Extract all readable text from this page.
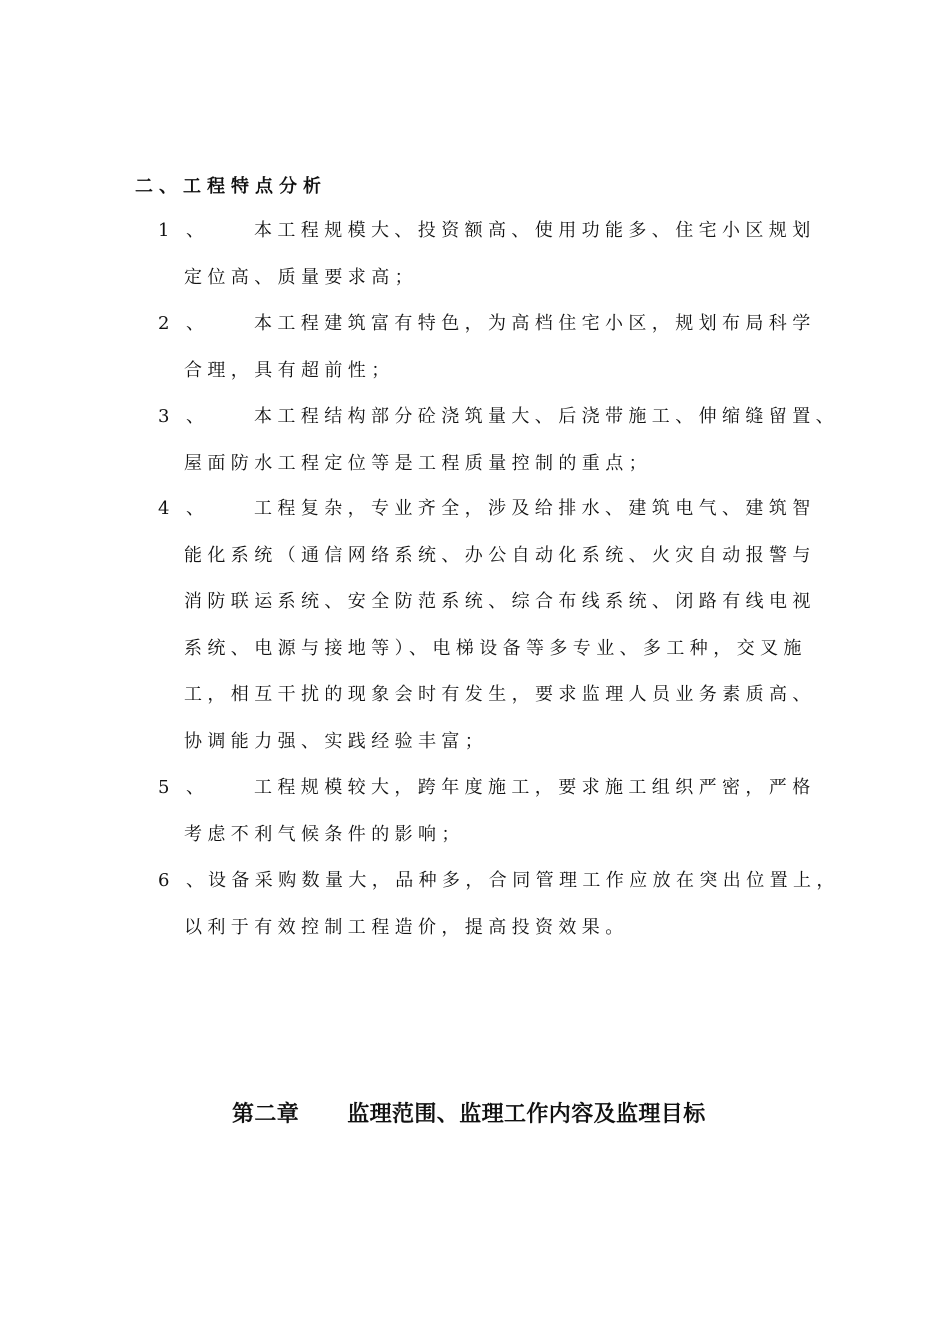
二、工程特点分析
1 、 本工程规模大、投资额高、使用功能多、住宅小区规划
定位高、质量要求高；
2 、 本工程建筑富有特色，为高档住宅小区，规划布局科学
合理，具有超前性；
3 、 本工程结构部分砼浇筑量大、后浇带施工、伸缩缝留置、
屋面防水工程定位等是工程质量控制的重点；
4 、 工程复杂，专业齐全，涉及给排水、建筑电气、建筑智
能化系统（通信网络系统、办公自动化系统、火灾自动报警与
消防联运系统、安全防范系统、综合布线系统、闭路有线电视
系统、电源与接地等）、电梯设备等多专业、多工种，交叉施
工，相互干扰的现象会时有发生，要求监理人员业务素质高、
协调能力强、实践经验丰富；
5 、 工程规模较大，跨年度施工，要求施工组织严密，严格
考虑不利气候条件的影响；
6 、
设备采购数量大，品种多，合同管理工作应放在突出位置上，
以利于有效控制工程造价，提高投资效果。
第二章 监理范围、监理工作内容及监理目标
